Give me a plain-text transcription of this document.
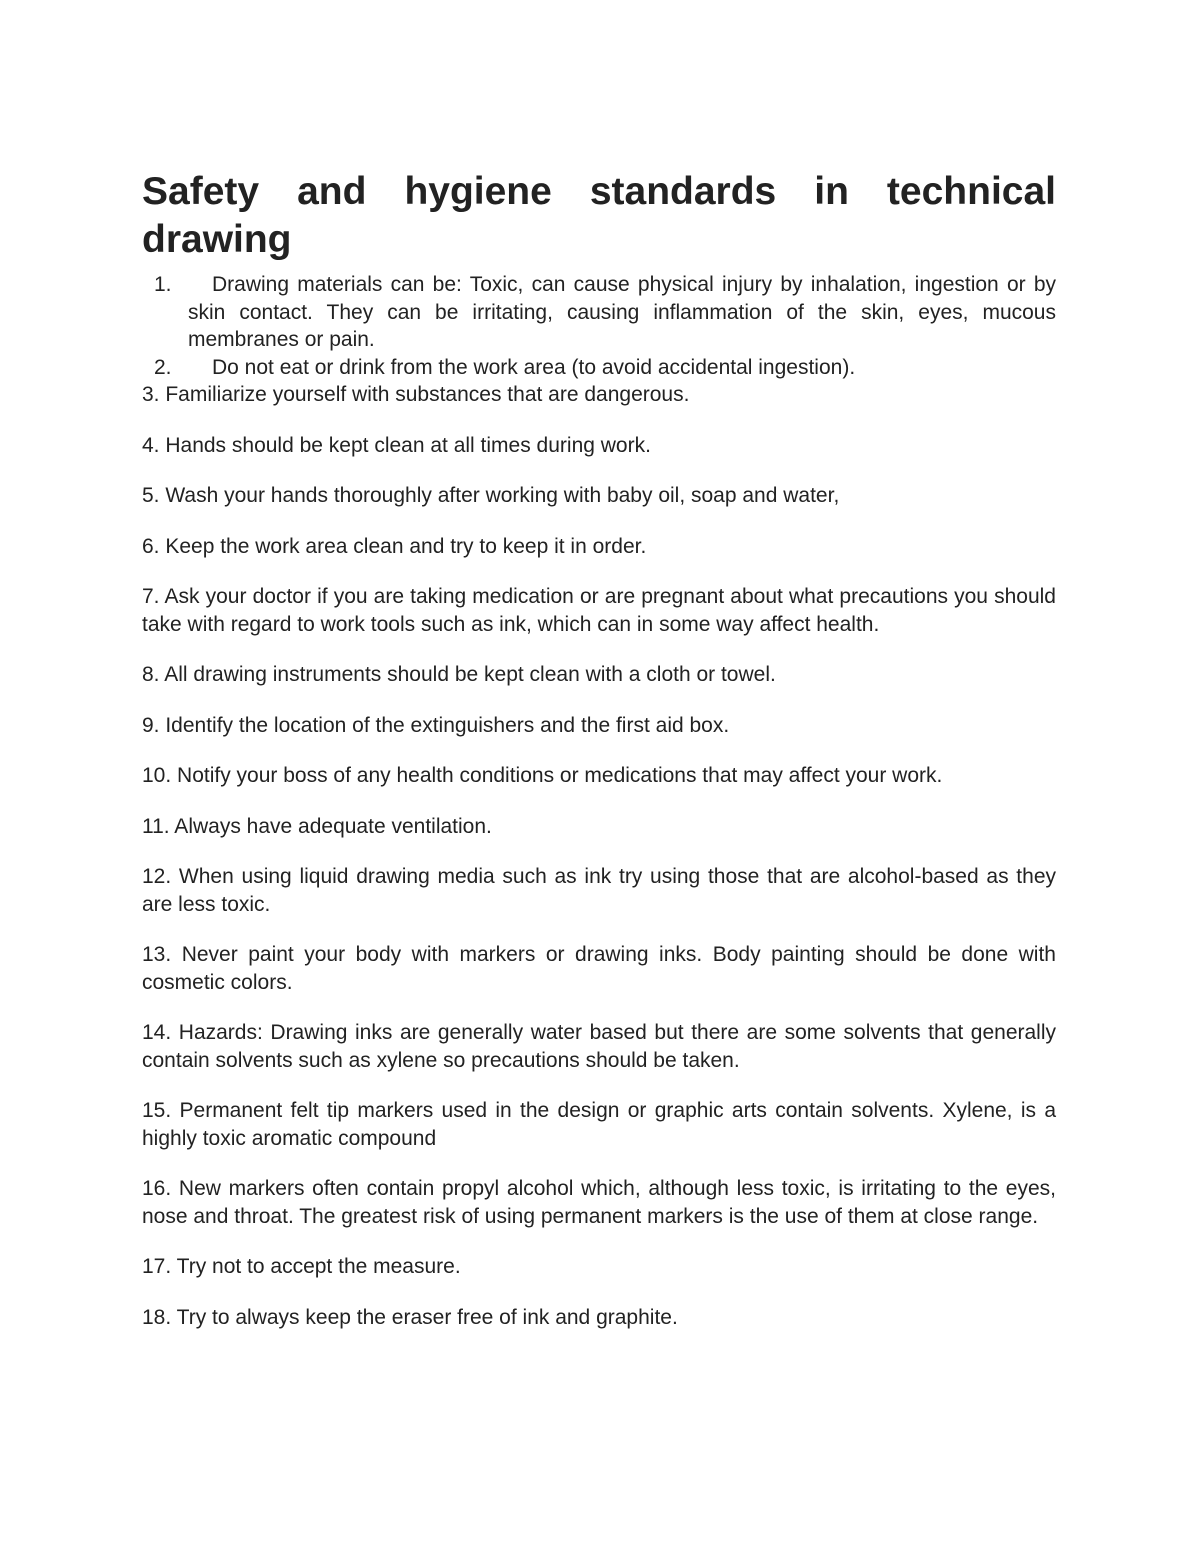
Safety and hygiene standards in technical drawing
1. Drawing materials can be: Toxic, can cause physical injury by inhalation, ingestion or by skin contact. They can be irritating, causing inflammation of the skin, eyes, mucous membranes or pain.
2. Do not eat or drink from the work area (to avoid accidental ingestion).

3. Familiarize yourself with substances that are dangerous.

4. Hands should be kept clean at all times during work.

5. Wash your hands thoroughly after working with baby oil, soap and water,

6. Keep the work area clean and try to keep it in order.

7. Ask your doctor if you are taking medication or are pregnant about what precautions you should take with regard to work tools such as ink, which can in some way affect health.

8. All drawing instruments should be kept clean with a cloth or towel.

9. Identify the location of the extinguishers and the first aid box.

10. Notify your boss of any health conditions or medications that may affect your work.

11. Always have adequate ventilation.

12. When using liquid drawing media such as ink try using those that are alcohol-based as they are less toxic.

13. Never paint your body with markers or drawing inks. Body painting should be done with cosmetic colors.

14. Hazards: Drawing inks are generally water based but there are some solvents that generally contain solvents such as xylene so precautions should be taken.

15. Permanent felt tip markers used in the design or graphic arts contain solvents. Xylene, is a highly toxic aromatic compound

16. New markers often contain propyl alcohol which, although less toxic, is irritating to the eyes, nose and throat. The greatest risk of using permanent markers is the use of them at close range.

17. Try not to accept the measure.

18. Try to always keep the eraser free of ink and graphite.
